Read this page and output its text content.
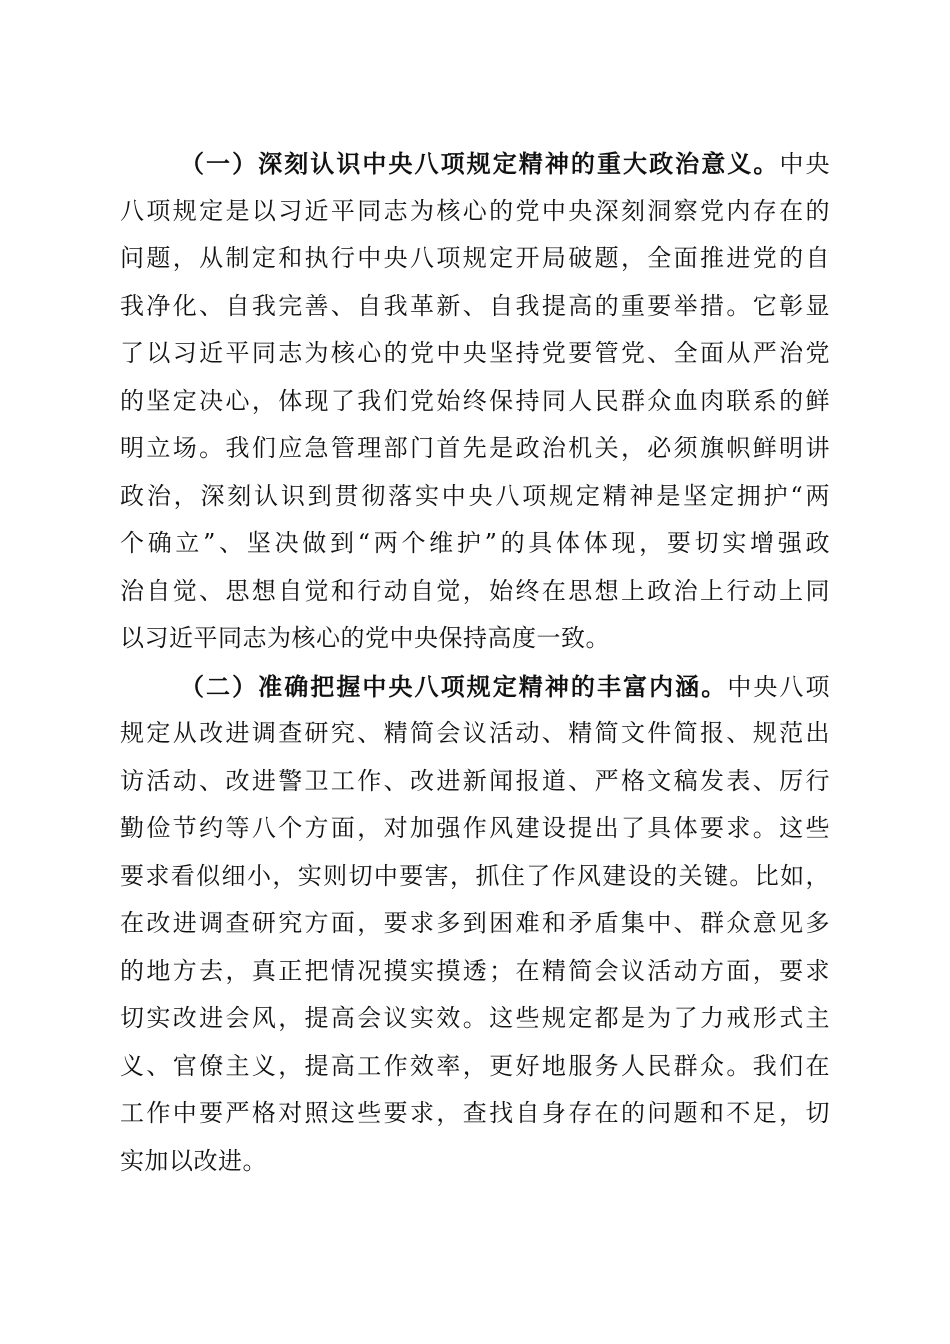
（一）深刻认识中央八项规定精神的重大政治意义。中央
八项规定是以习近平同志为核心的党中央深刻洞察党内存在的
问题，从制定和执行中央八项规定开局破题，全面推进党的自
我净化、自我完善、自我革新、自我提高的重要举措。它彰显
了以习近平同志为核心的党中央坚持党要管党、全面从严治党
的坚定决心，体现了我们党始终保持同人民群众血肉联系的鲜
明立场。我们应急管理部门首先是政治机关，必须旗帜鲜明讲
政治，深刻认识到贯彻落实中央八项规定精神是坚定拥护“两
个确立”、坚决做到“两个维护”的具体体现，要切实增强政
治自觉、思想自觉和行动自觉，始终在思想上政治上行动上同
以习近平同志为核心的党中央保持高度一致。
（二）准确把握中央八项规定精神的丰富内涵。中央八项
规定从改进调查研究、精简会议活动、精简文件简报、规范出
访活动、改进警卫工作、改进新闻报道、严格文稿发表、厉行
勤俭节约等八个方面，对加强作风建设提出了具体要求。这些
要求看似细小，实则切中要害，抓住了作风建设的关键。比如，
在改进调查研究方面，要求多到困难和矛盾集中、群众意见多
的地方去，真正把情况摸实摸透；在精简会议活动方面，要求
切实改进会风，提高会议实效。这些规定都是为了力戒形式主
义、官僚主义，提高工作效率，更好地服务人民群众。我们在
工作中要严格对照这些要求，查找自身存在的问题和不足，切
实加以改进。
